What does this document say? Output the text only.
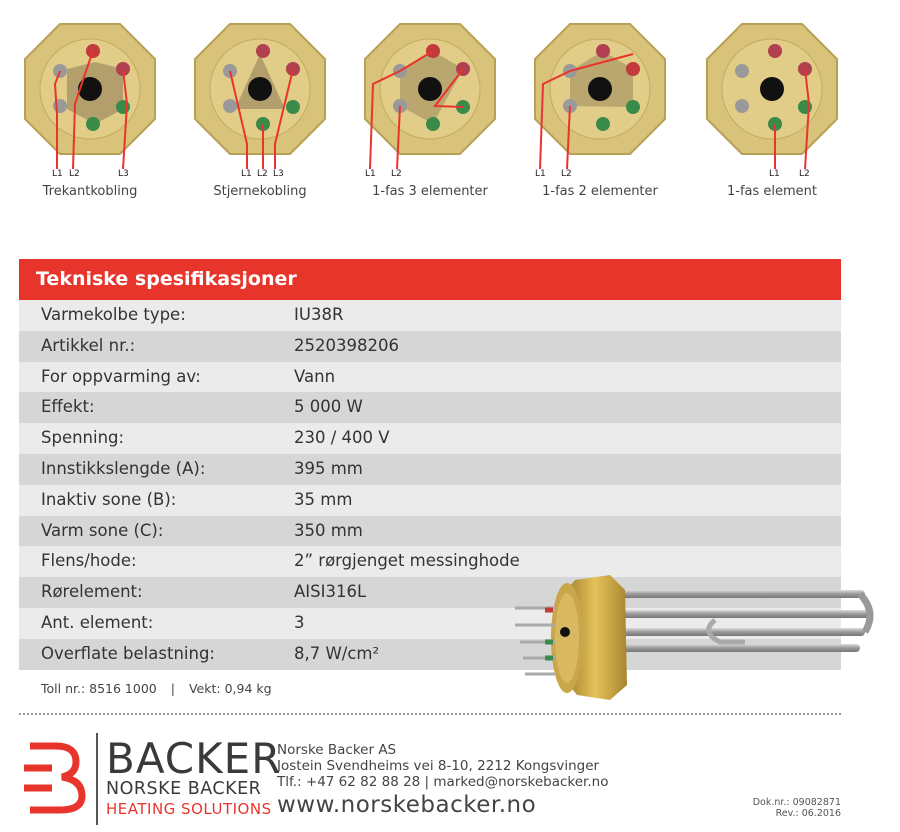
L1 L2	L3
Trekantkobling
L1 L2 L3
Stjernekobling
L1 L2
1-fas 3 elementer
L1 L2
1-fas 2 elementer
L1 L2
1-fas element
Tekniske spesifikasjoner
Varmekolbe type:	IU38R
Artikkel nr.:	2520398206
For oppvarming av:	Vann
Effekt:	5 000 W
Spenning:	230 / 400 V
Innstikkslengde (A):	395 mm
Inaktiv sone (B):	35 mm
Varm sone (C):	350 mm
Flens/hode:	2” rørgjenget messinghode
Rørelement:	AISI316L
Ant. element:	3
Overflate belastning:	8,7 W/cm²
Toll nr.: 8516 1000 | Vekt: 0,94 kg
BACKER
NORSKE BACKER
HEATING SOLUTIONS
Norske Backer AS
Jostein Svendheims vei 8-10, 2212 Kongsvinger
Tlf.: +47 62 82 88 28 | marked@norskebacker.no
www.norskebacker.no	Dok.nr.: 09082871
Rev.: 06.2016
